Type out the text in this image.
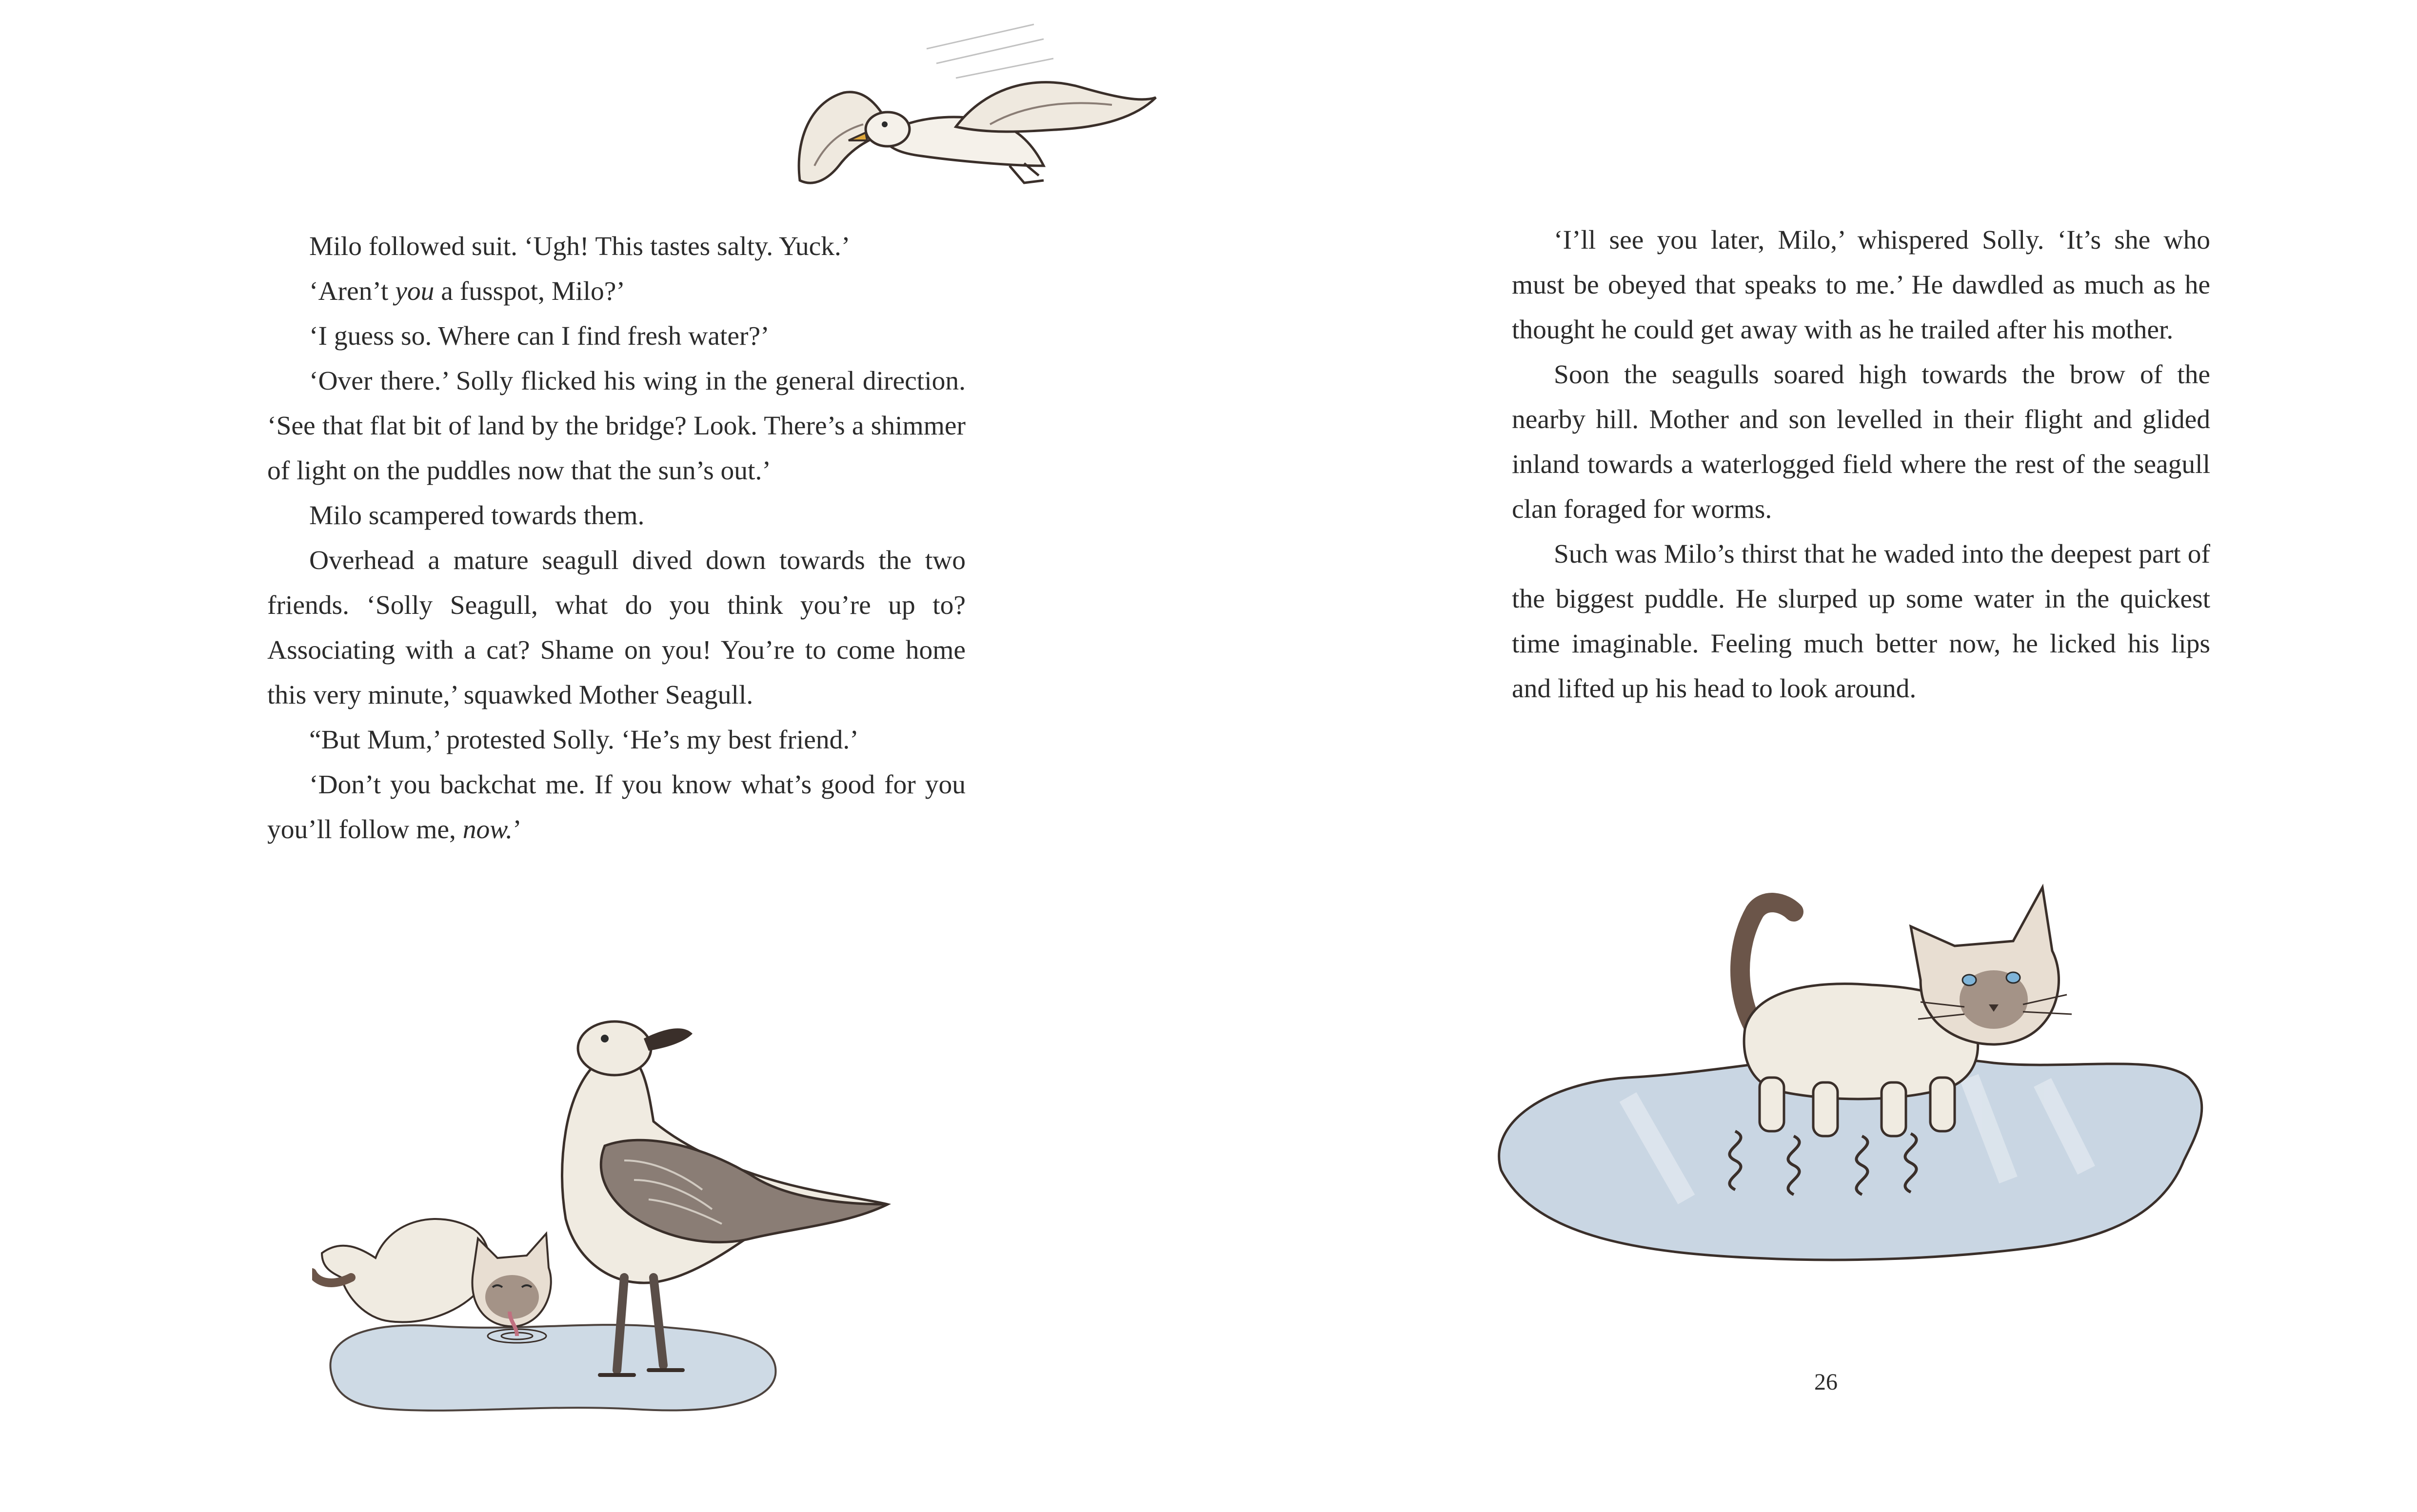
Milo followed suit. ‘Ugh! This tastes salty. Yuck.’

‘Aren’t you a fusspot, Milo?’

‘I guess so. Where can I find fresh water?’

‘Over there.’ Solly flicked his wing in the general direction. ‘See that flat bit of land by the bridge? Look. There’s a shimmer of light on the puddles now that the sun’s out.’

Milo scampered towards them.

Overhead a mature seagull dived down towards the two friends. ‘Solly Seagull, what do you think you’re up to? Associating with a cat? Shame on you! You’re to come home this very minute,’ squawked Mother Seagull.

“But Mum,’ protested Solly. ‘He’s my best friend.’

‘Don’t you backchat me. If you know what’s good for you you’ll follow me, now.’

‘I’ll see you later, Milo,’ whispered Solly. ‘It’s she who must be obeyed that speaks to me.’ He dawdled as much as he thought he could get away with as he trailed after his mother.

Soon the seagulls soared high towards the brow of the nearby hill. Mother and son levelled in their flight and glided inland towards a waterlogged field where the rest of the seagull clan foraged for worms.

Such was Milo’s thirst that he waded into the deepest part of the biggest puddle. He slurped up some water in the quickest time imaginable. Feeling much better now, he licked his lips and lifted up his head to look around.

26
